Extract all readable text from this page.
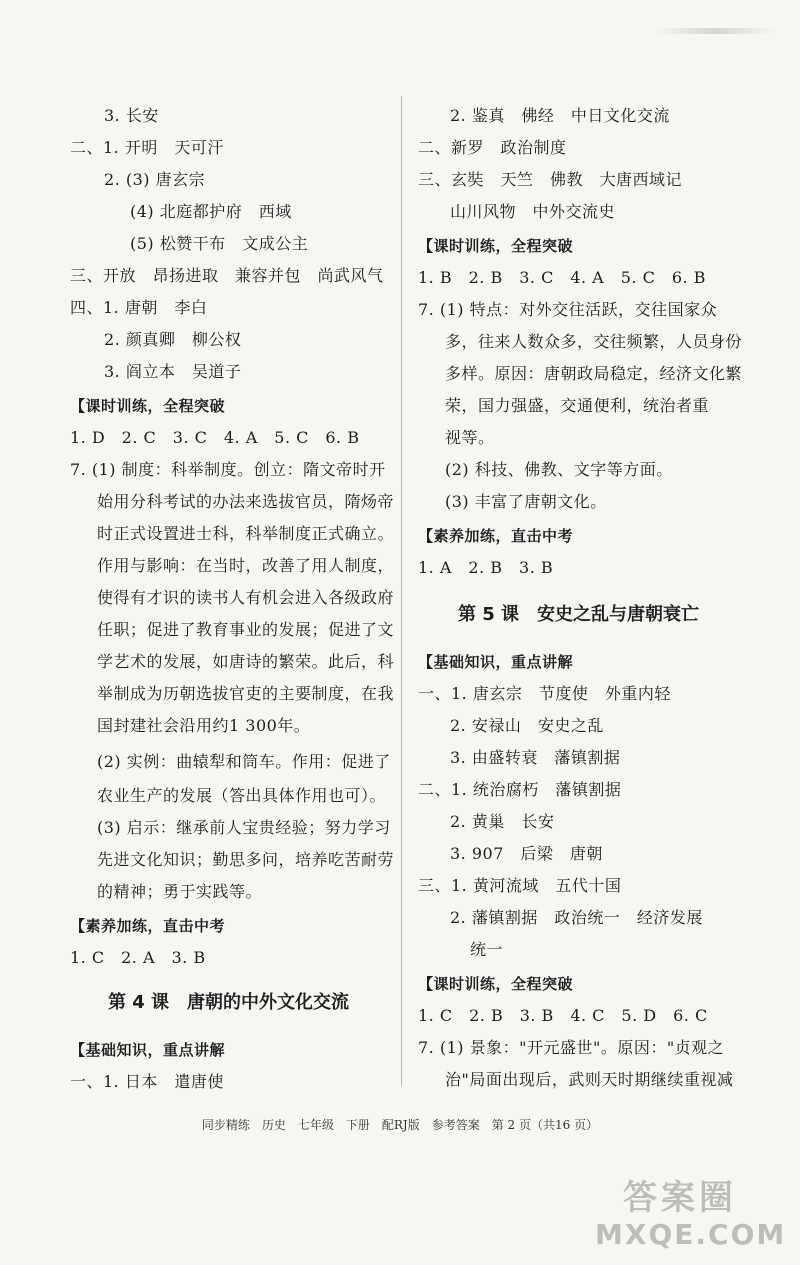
3. 长安
二、1. 开明　天可汗
2. (3) 唐玄宗
(4) 北庭都护府　西域
(5) 松赞干布　文成公主
三、开放　昂扬进取　兼容并包　尚武风气
四、1. 唐朝　李白
2. 颜真卿　柳公权
3. 阎立本　吴道子
【课时训练，全程突破
1. D　2. C　3. C　4. A　5. C　6. B
7. (1) 制度：科举制度。创立：隋文帝时开
始用分科考试的办法来选拔官员，隋炀帝
时正式设置进士科，科举制度正式确立。
作用与影响：在当时，改善了用人制度，
使得有才识的读书人有机会进入各级政府
任职；促进了教育事业的发展；促进了文
学艺术的发展，如唐诗的繁荣。此后，科
举制成为历朝选拔官吏的主要制度，在我
国封建社会沿用约1 300年。
(2) 实例：曲辕犁和筒车。作用：促进了
农业生产的发展（答出具体作用也可）。
(3) 启示：继承前人宝贵经验；努力学习
先进文化知识；勤思多问，培养吃苦耐劳
的精神；勇于实践等。
【素养加练，直击中考
1. C　2. A　3. B
【基础知识，重点讲解
一、1. 日本　遣唐使
第 4 课　唐朝的中外文化交流
2. 鉴真　佛经　中日文化交流
二、新罗　政治制度
三、玄奘　天竺　佛教　大唐西域记
山川风物　中外交流史
【课时训练，全程突破
1. B　2. B　3. C　4. A　5. C　6. B
7. (1) 特点：对外交往活跃，交往国家众
多，往来人数众多，交往频繁，人员身份
多样。原因：唐朝政局稳定，经济文化繁
荣，国力强盛，交通便利，统治者重
视等。
(2) 科技、佛教、文字等方面。
(3) 丰富了唐朝文化。
【素养加练，直击中考
1. A　2. B　3. B
【基础知识，重点讲解
一、1. 唐玄宗　节度使　外重内轻
2. 安禄山　安史之乱
3. 由盛转衰　藩镇割据
二、1. 统治腐朽　藩镇割据
2. 黄巢　长安
3. 907　后梁　唐朝
三、1. 黄河流域　五代十国
2. 藩镇割据　政治统一　经济发展
统一
【课时训练，全程突破
1. C　2. B　3. B　4. C　5. D　6. C
7. (1) 景象："开元盛世"。原因："贞观之
治"局面出现后，武则天时期继续重视减
第 5 课　安史之乱与唐朝衰亡
同步精练　历史　七年级　下册　配RJ版　参考答案　第 2 页（共16 页）
答案圈
MXQE.COM
